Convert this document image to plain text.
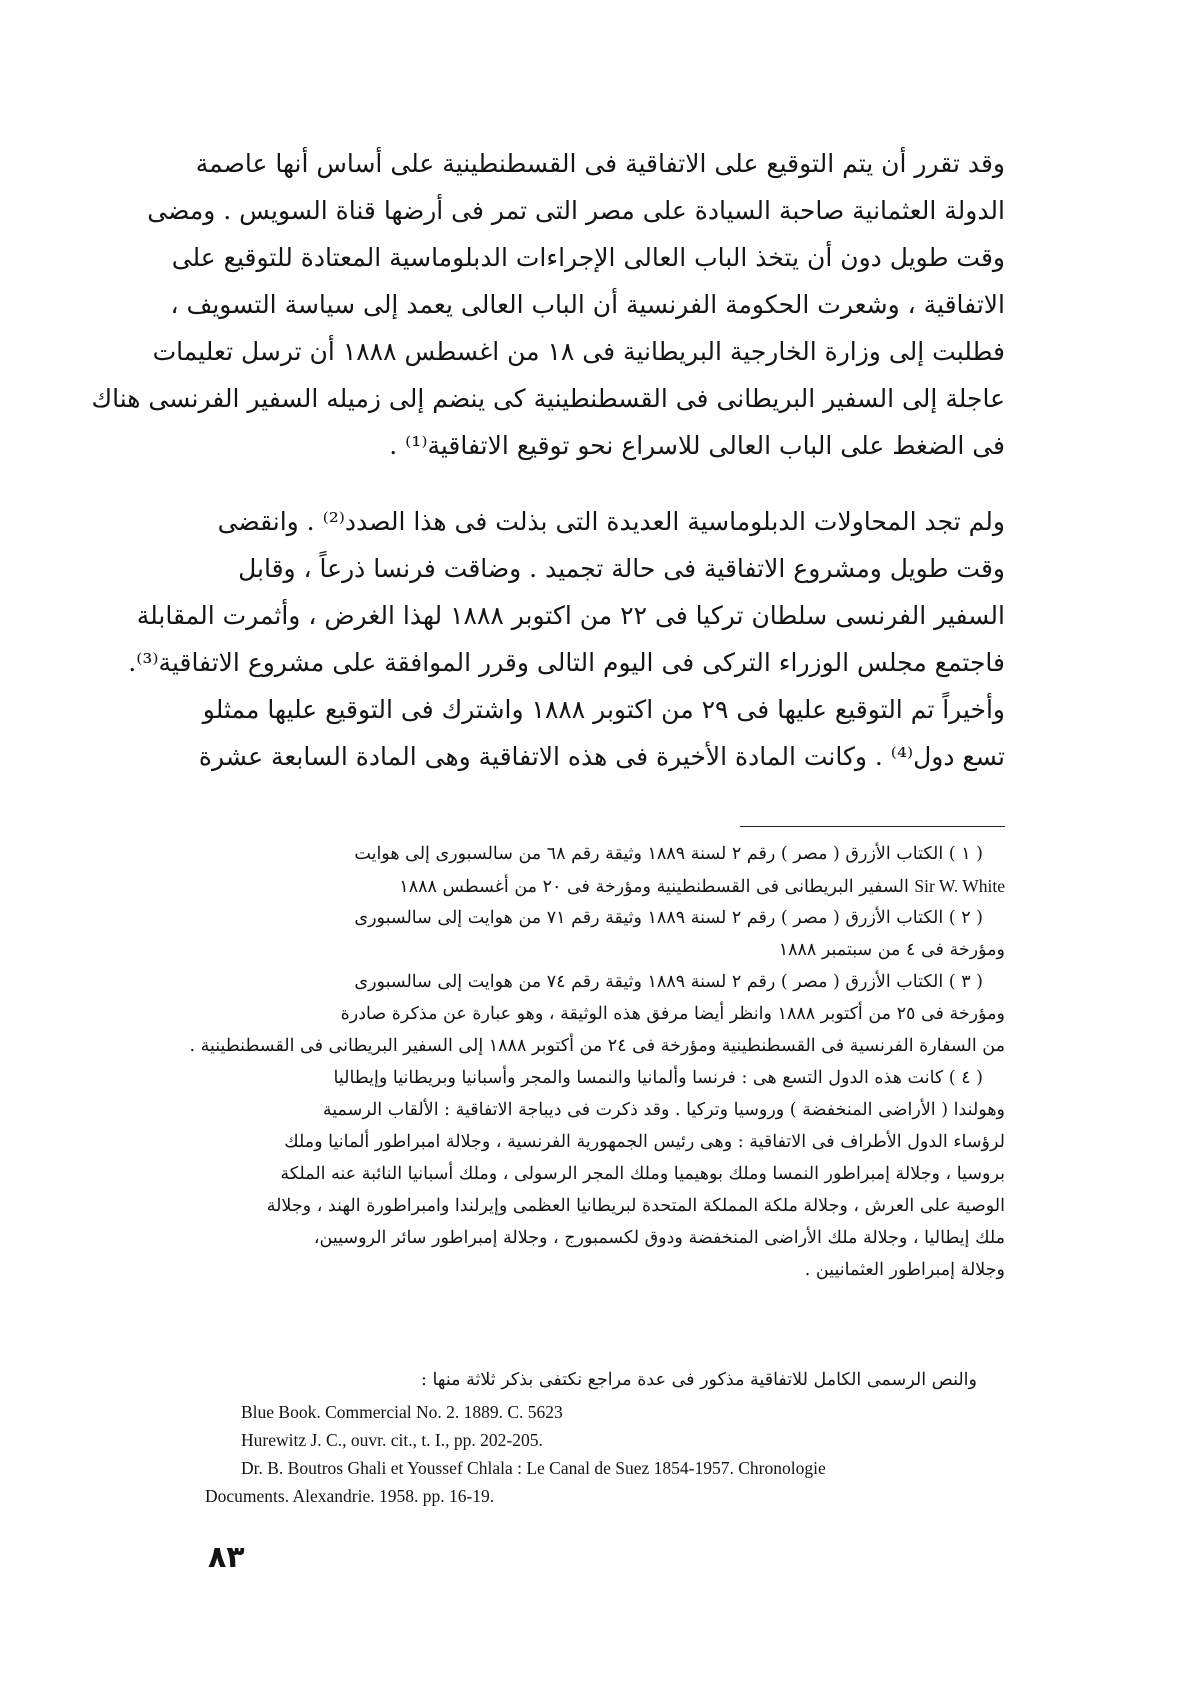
وقد تقرر أن يتم التوقيع على الاتفاقية فى القسطنطينية على أساس أنها عاصمة
الدولة العثمانية صاحبة السيادة على مصر التى تمر فى أرضها قناة السويس . ومضى
وقت طويل دون أن يتخذ الباب العالى الإجراءات الدبلوماسية المعتادة للتوقيع على
الاتفاقية ، وشعرت الحكومة الفرنسية أن الباب العالى يعمد إلى سياسة التسويف ،
فطلبت إلى وزارة الخارجية البريطانية فى ١٨ من اغسطس ١٨٨٨ أن ترسل تعليمات
عاجلة إلى السفير البريطانى فى القسطنطينية كى ينضم إلى زميله السفير الفرنسى هناك
فى الضغط على الباب العالى للاسراع نحو توقيع الاتفاقية⁽¹⁾ .
ولم تجد المحاولات الدبلوماسية العديدة التى بذلت فى هذا الصدد⁽²⁾ . وانقضى
وقت طويل ومشروع الاتفاقية فى حالة تجميد . وضاقت فرنسا ذرعاً ، وقابل
السفير الفرنسى سلطان تركيا فى ٢٢ من اكتوبر ١٨٨٨ لهذا الغرض ، وأثمرت المقابلة
فاجتمع مجلس الوزراء التركى فى اليوم التالى وقرر الموافقة على مشروع الاتفاقية⁽³⁾.
وأخيراً تم التوقيع عليها فى ٢٩ من اكتوبر ١٨٨٨ واشترك فى التوقيع عليها ممثلو
تسع دول⁽⁴⁾ . وكانت المادة الأخيرة فى هذه الاتفاقية وهى المادة السابعة عشرة
( ١ ) الكتاب الأزرق ( مصر ) رقم ٢ لسنة ١٨٨٩ وثيقة رقم ٦٨ من سالسبورى إلى هوايت
Sir W. White السفير البريطانى فى القسطنطينية ومؤرخة فى ٢٠ من أغسطس ١٨٨٨
( ٢ ) الكتاب الأزرق ( مصر ) رقم ٢ لسنة ١٨٨٩ وثيقة رقم ٧١ من هوايت إلى سالسبورى
ومؤرخة فى ٤ من سبتمبر ١٨٨٨
( ٣ ) الكتاب الأزرق ( مصر ) رقم ٢ لسنة ١٨٨٩ وثيقة رقم ٧٤ من هوايت إلى سالسبورى
ومؤرخة فى ٢٥ من أكتوبر ١٨٨٨ وانظر أيضا مرفق هذه الوثيقة ، وهو عبارة عن مذكرة صادرة
من السفارة الفرنسية فى القسطنطينية ومؤرخة فى ٢٤ من أكتوبر ١٨٨٨ إلى السفير البريطانى فى القسطنطينية .
( ٤ ) كانت هذه الدول التسع هى : فرنسا وألمانيا والنمسا والمجر وأسبانيا وبريطانيا وإيطاليا
وهولندا ( الأراضى المنخفضة ) وروسيا وتركيا . وقد ذكرت فى ديباجة الاتفاقية : الألقاب الرسمية
لرؤساء الدول الأطراف فى الاتفاقية : وهى رئيس الجمهورية الفرنسية ، وجلالة امبراطور ألمانيا وملك
بروسيا ، وجلالة إمبراطور النمسا وملك بوهيميا وملك المجر الرسولى ، وملك أسبانيا النائبة عنه الملكة
الوصية على العرش ، وجلالة ملكة المملكة المتحدة لبريطانيا العظمى وإيرلندا وامبراطورة الهند ، وجلالة
ملك إيطاليا ، وجلالة ملك الأراضى المنخفضة ودوق لكسمبورج ، وجلالة إمبراطور سائر الروسيين،
وجلالة إمبراطور العثمانيين .
والنص الرسمى الكامل للاتفاقية مذكور فى عدة مراجع نكتفى بذكر ثلاثة منها :
Blue Book. Commercial No. 2. 1889. C. 5623
Hurewitz J. C., ouvr. cit., t. I., pp. 202-205.
Dr. B. Boutros Ghali et Youssef Chlala : Le Canal de Suez 1854-1957. Chronologie
Documents. Alexandrie. 1958. pp. 16-19.
٨٣
